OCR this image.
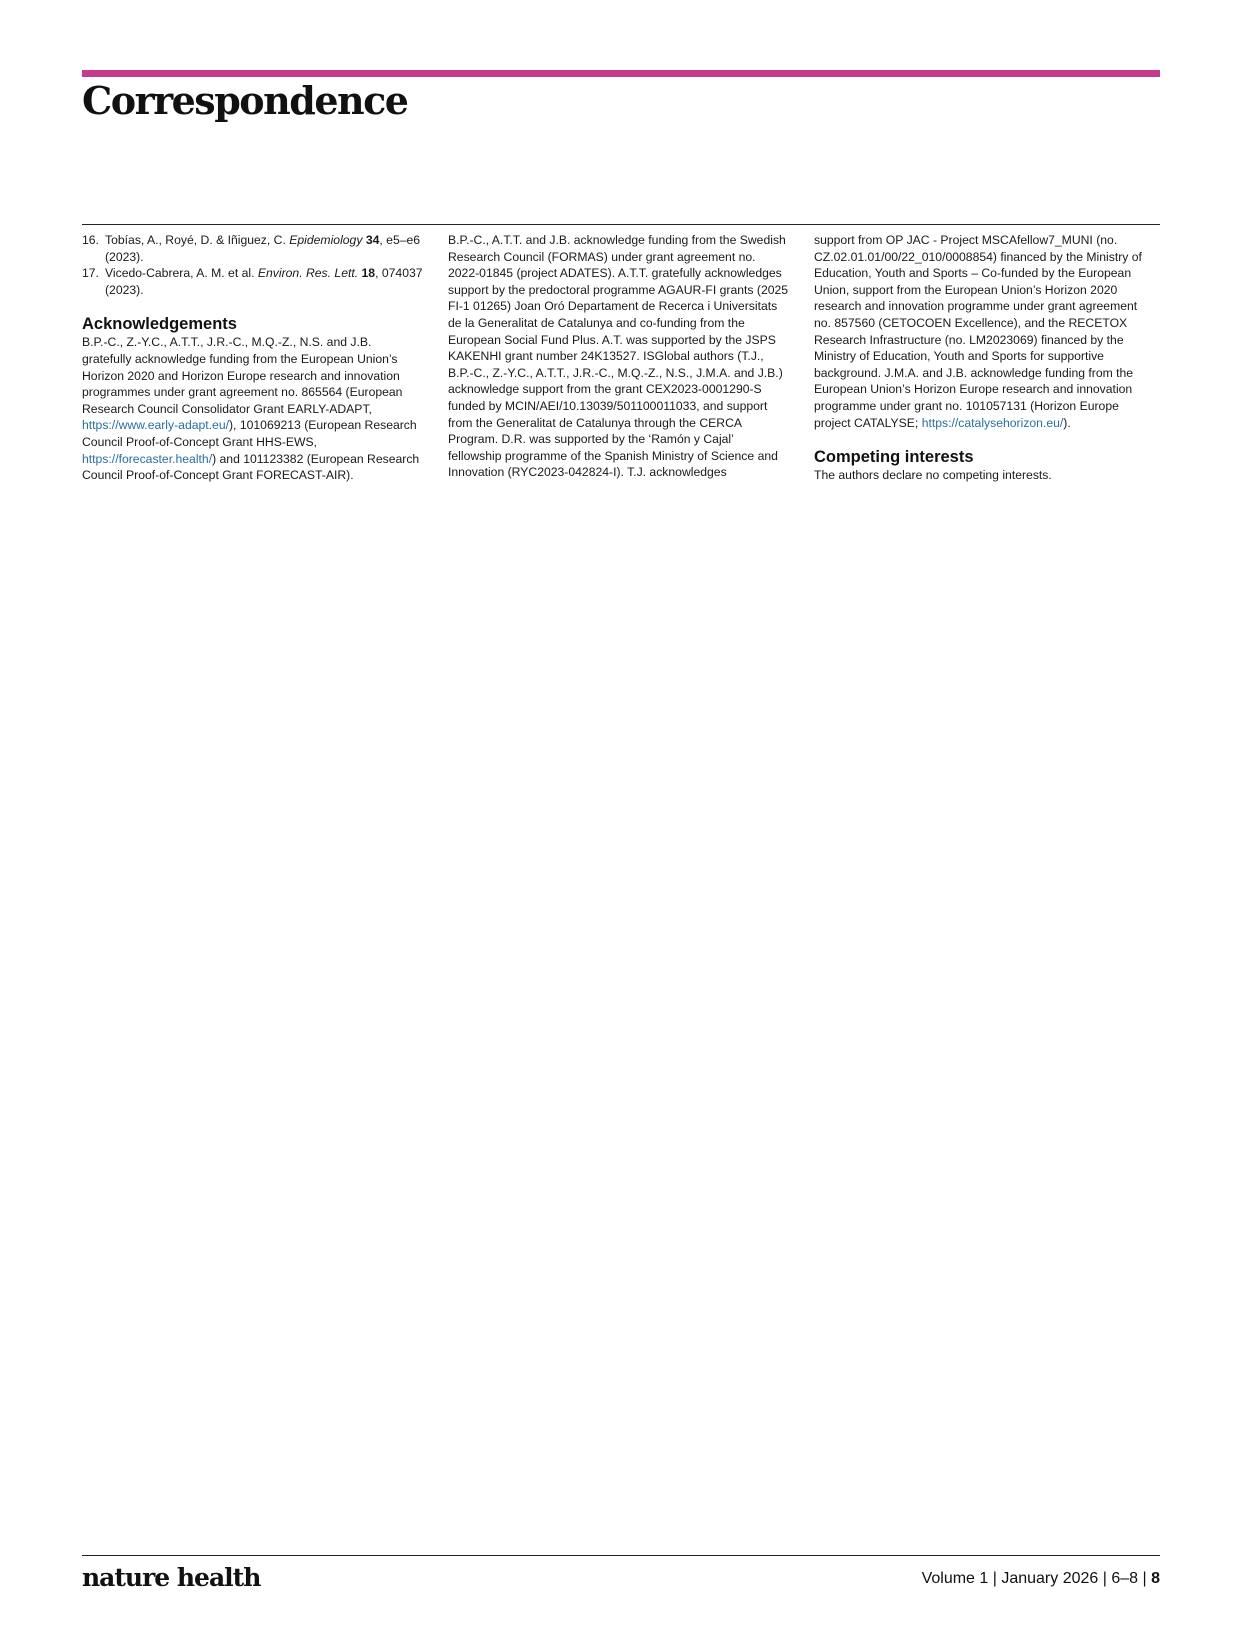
Correspondence
16. Tobías, A., Royé, D. & Iñiguez, C. Epidemiology 34, e5–e6 (2023).
17. Vicedo-Cabrera, A. M. et al. Environ. Res. Lett. 18, 074037 (2023).
Acknowledgements

B.P.-C., Z.-Y.C., A.T.T., J.R.-C., M.Q.-Z., N.S. and J.B. gratefully acknowledge funding from the European Union’s Horizon 2020 and Horizon Europe research and innovation programmes under grant agreement no. 865564 (European Research Council Consolidator Grant EARLY-ADAPT, https://www.early-adapt.eu/), 101069213 (European Research Council Proof-of-Concept Grant HHS-EWS, https://forecaster.health/) and 101123382 (European Research Council Proof-of-Concept Grant FORECAST-AIR).

B.P.-C., A.T.T. and J.B. acknowledge funding from the Swedish Research Council (FORMAS) under grant agreement no. 2022-01845 (project ADATES). A.T.T. gratefully acknowledges support by the predoctoral programme AGAUR-FI grants (2025 FI-1 01265) Joan Oró Departament de Recerca i Universitats de la Generalitat de Catalunya and co-funding from the European Social Fund Plus. A.T. was supported by the JSPS KAKENHI grant number 24K13527. ISGlobal authors (T.J., B.P.-C., Z.-Y.C., A.T.T., J.R.-C., M.Q.-Z., N.S., J.M.A. and J.B.) acknowledge support from the grant CEX2023-0001290-S funded by MCIN/AEI/10.13039/501100011033, and support from the Generalitat de Catalunya through the CERCA Program. D.R. was supported by the ‘Ramón y Cajal’ fellowship programme of the Spanish Ministry of Science and Innovation (RYC2023-042824-I). T.J. acknowledges

support from OP JAC - Project MSCAfellow7_MUNI (no. CZ.02.01.01/00/22_010/0008854) financed by the Ministry of Education, Youth and Sports – Co-funded by the European Union, support from the European Union’s Horizon 2020 research and innovation programme under grant agreement no. 857560 (CETOCOEN Excellence), and the RECETOX Research Infrastructure (no. LM2023069) financed by the Ministry of Education, Youth and Sports for supportive background. J.M.A. and J.B. acknowledge funding from the European Union’s Horizon Europe research and innovation programme under grant no. 101057131 (Horizon Europe project CATALYSE; https://catalysehorizon.eu/).

Competing interests

The authors declare no competing interests.

nature health	Volume 1 | January 2026 | 6–8 | 8
